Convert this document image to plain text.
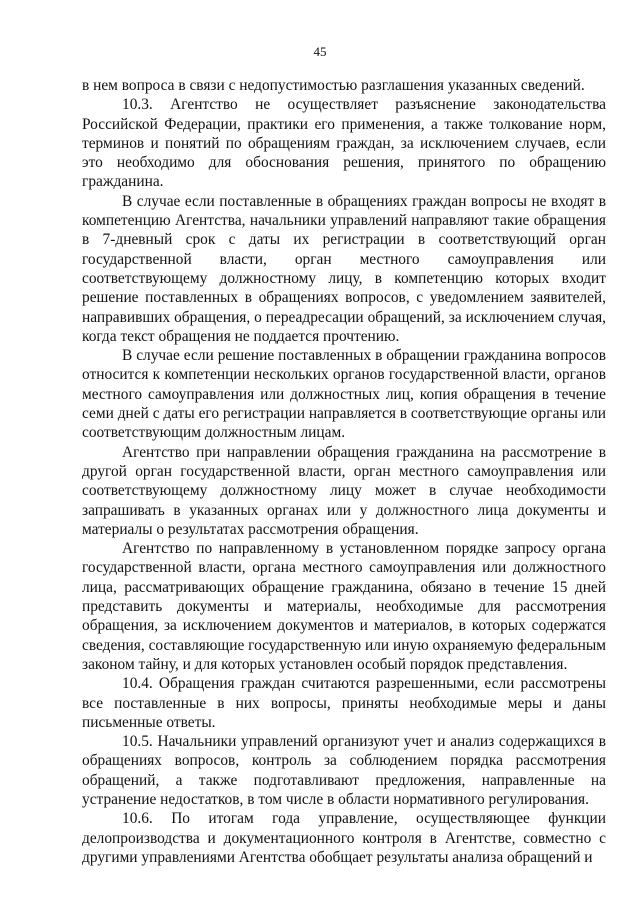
45

в нем вопроса в связи с недопустимостью разглашения указанных сведений.

10.3. Агентство не осуществляет разъяснение законодательства Российской Федерации, практики его применения, а также толкование норм, терминов и понятий по обращениям граждан, за исключением случаев, если это необходимо для обоснования решения, принятого по обращению гражданина.

В случае если поставленные в обращениях граждан вопросы не входят в компетенцию Агентства, начальники управлений направляют такие обращения в 7-дневный срок с даты их регистрации в соответствующий орган государственной власти, орган местного самоуправления или соответствующему должностному лицу, в компетенцию которых входит решение поставленных в обращениях вопросов, с уведомлением заявителей, направивших обращения, о переадресации обращений, за исключением случая, когда текст обращения не поддается прочтению.

В случае если решение поставленных в обращении гражданина вопросов относится к компетенции нескольких органов государственной власти, органов местного самоуправления или должностных лиц, копия обращения в течение семи дней с даты его регистрации направляется в соответствующие органы или соответствующим должностным лицам.

Агентство при направлении обращения гражданина на рассмотрение в другой орган государственной власти, орган местного самоуправления или соответствующему должностному лицу может в случае необходимости запрашивать в указанных органах или у должностного лица документы и материалы о результатах рассмотрения обращения.

Агентство по направленному в установленном порядке запросу органа государственной власти, органа местного самоуправления или должностного лица, рассматривающих обращение гражданина, обязано в течение 15 дней представить документы и материалы, необходимые для рассмотрения обращения, за исключением документов и материалов, в которых содержатся сведения, составляющие государственную или иную охраняемую федеральным законом тайну, и для которых установлен особый порядок представления.

10.4. Обращения граждан считаются разрешенными, если рассмотрены все поставленные в них вопросы, приняты необходимые меры и даны письменные ответы.

10.5. Начальники управлений организуют учет и анализ содержащихся в обращениях вопросов, контроль за соблюдением порядка рассмотрения обращений, а также подготавливают предложения, направленные на устранение недостатков, в том числе в области нормативного регулирования.

10.6. По итогам года управление, осуществляющее функции делопроизводства и документационного контроля в Агентстве, совместно с другими управлениями Агентства обобщает результаты анализа обращений и
